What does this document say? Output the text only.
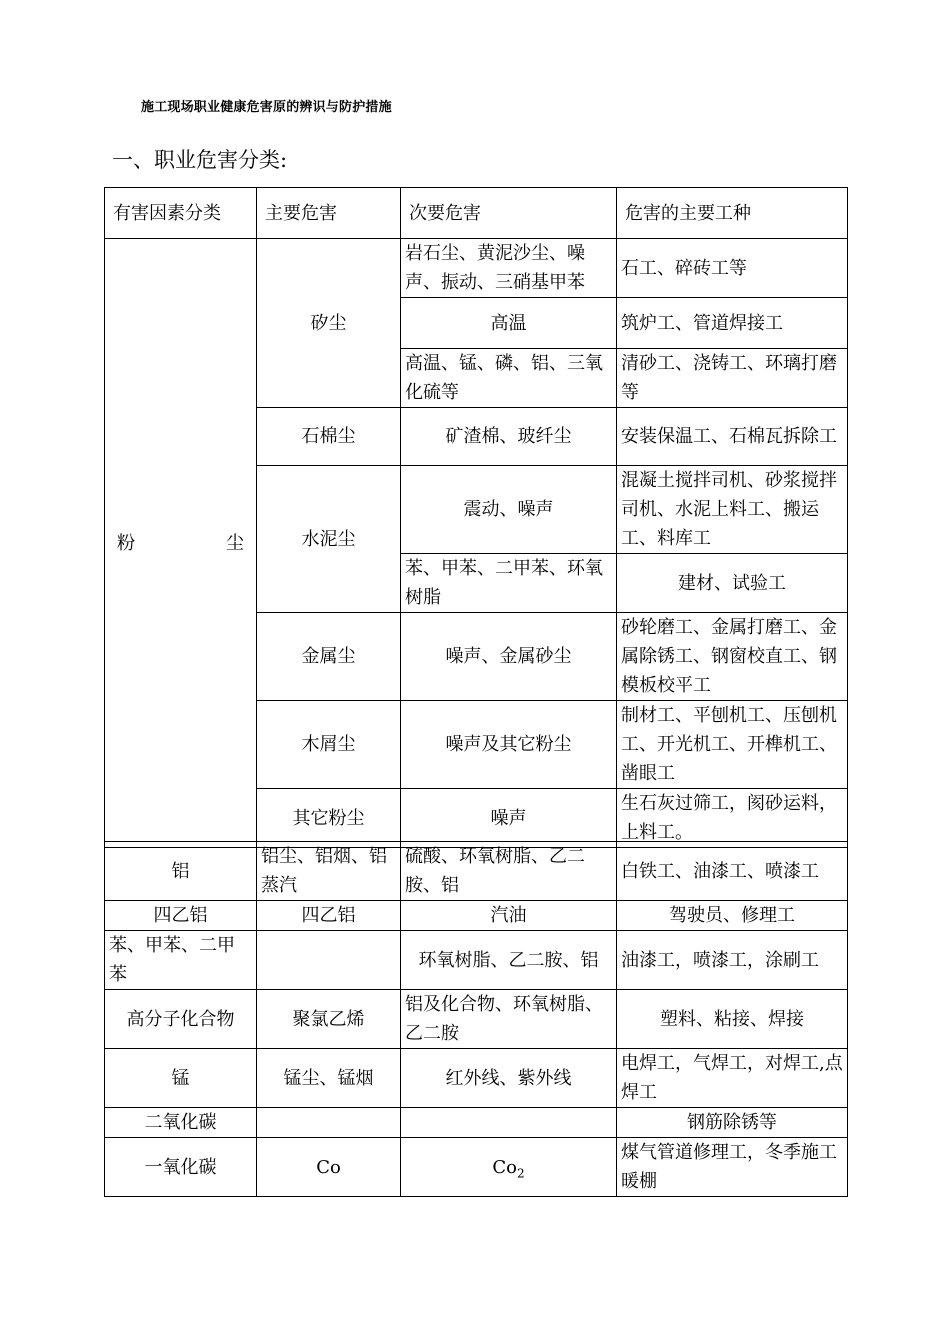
施工现场职业健康危害原的辨识与防护措施
一、职业危害分类:
有害因素分类	主要危害	次要危害	危害的主要工种
粉　　　尘	矽尘	岩石尘、黄泥沙尘、噪声、振动、三硝基甲苯	石工、碎砖工等
		高温	筑炉工、管道焊接工
		高温、锰、磷、铝、三氧化硫等	清砂工、浇铸工、环璃打磨等
	石棉尘	矿渣棉、玻纤尘	安装保温工、石棉瓦拆除工
	水泥尘	震动、噪声	混凝土搅拌司机、砂浆搅拌司机、水泥上料工、搬运工、料库工
		苯、甲苯、二甲苯、环氧树脂	建材、试验工
	金属尘	噪声、金属砂尘	砂轮磨工、金属打磨工、金属除锈工、钢窗校直工、钢模板校平工
	木屑尘	噪声及其它粉尘	制材工、平刨机工、压刨机工、开光机工、开榫机工、凿眼工
	其它粉尘	噪声	生石灰过筛工，阂砂运料，上料工。
铝	铝尘、铝烟、铝蒸汽	硫酸、环氧树脂、乙二胺、铝	白铁工、油漆工、喷漆工
四乙铝	四乙铝	汽油	驾驶员、修理工
苯、甲苯、二甲苯		环氧树脂、乙二胺、铝	油漆工，喷漆工，涂刷工
高分子化合物	聚氯乙烯	铝及化合物、环氧树脂、乙二胺	塑料、粘接、焊接
锰	锰尘、锰烟	红外线、紫外线	电焊工，气焊工，对焊工,点焊工
二氧化碳			钢筋除锈等
一氧化碳	Co	$Co_2$	煤气管道修理工，冬季施工暖棚
